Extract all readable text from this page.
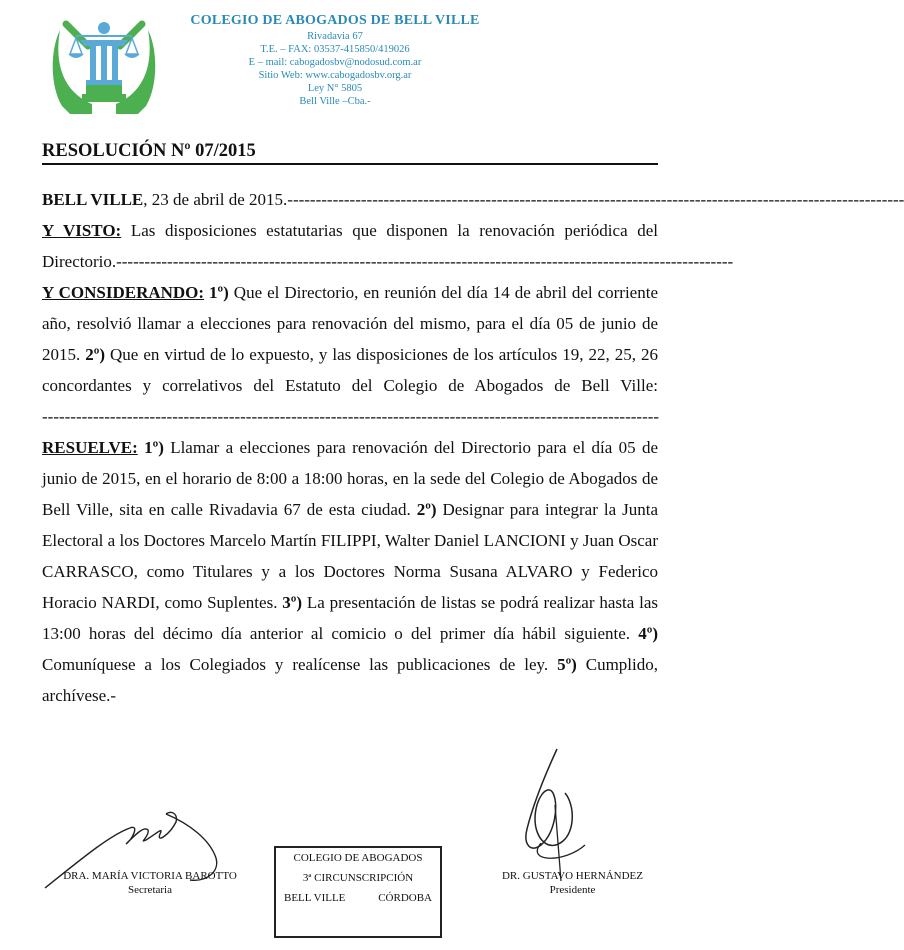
COLEGIO DE ABOGADOS DE BELL VILLE
Rivadavia 67
T.E. – FAX: 03537-415850/419026
E – mail: cabogadosbv@nodosud.com.ar
Sitio Web: www.cabogadosbv.org.ar
Ley N° 5805
Bell Ville –Cba.-
RESOLUCIÓN Nº 07/2015

BELL VILLE, 23 de abril de 2015.-------------------------------------------------------------------------------------------------------------

Y VISTO: Las disposiciones estatutarias que disponen la renovación periódica del Directorio.-------------------------------------------------------------------------------------------------------------

Y CONSIDERANDO: 1º) Que el Directorio, en reunión del día 14 de abril del corriente año, resolvió llamar a elecciones para renovación del mismo, para el día 05 de junio de 2015. 2º) Que en virtud de lo expuesto, y las disposiciones de los artículos 19, 22, 25, 26 concordantes y correlativos del Estatuto del Colegio de Abogados de Bell Ville:-------------------------------------------------------------------------------------------------------------

RESUELVE: 1º) Llamar a elecciones para renovación del Directorio para el día 05 de junio de 2015, en el horario de 8:00 a 18:00 horas, en la sede del Colegio de Abogados de Bell Ville, sita en calle Rivadavia 67 de esta ciudad. 2º) Designar para integrar la Junta Electoral a los Doctores Marcelo Martín FILIPPI, Walter Daniel LANCIONI y Juan Oscar CARRASCO, como Titulares y a los Doctores Norma Susana ALVARO y Federico Horacio NARDI, como Suplentes. 3º) La presentación de listas se podrá realizar hasta las 13:00 horas del décimo día anterior al comicio o del primer día hábil siguiente. 4º) Comuníquese a los Colegiados y realícense las publicaciones de ley. 5º) Cumplido, archívese.-

DRA. MARÍA VICTORIA BAROTTO
Secretaria
COLEGIO DE ABOGADOS
3ª CIRCUNSCRIPCIÓN
BELL VILLE	CÓRDOBA
DR. GUSTAVO HERNÁNDEZ
Presidente
